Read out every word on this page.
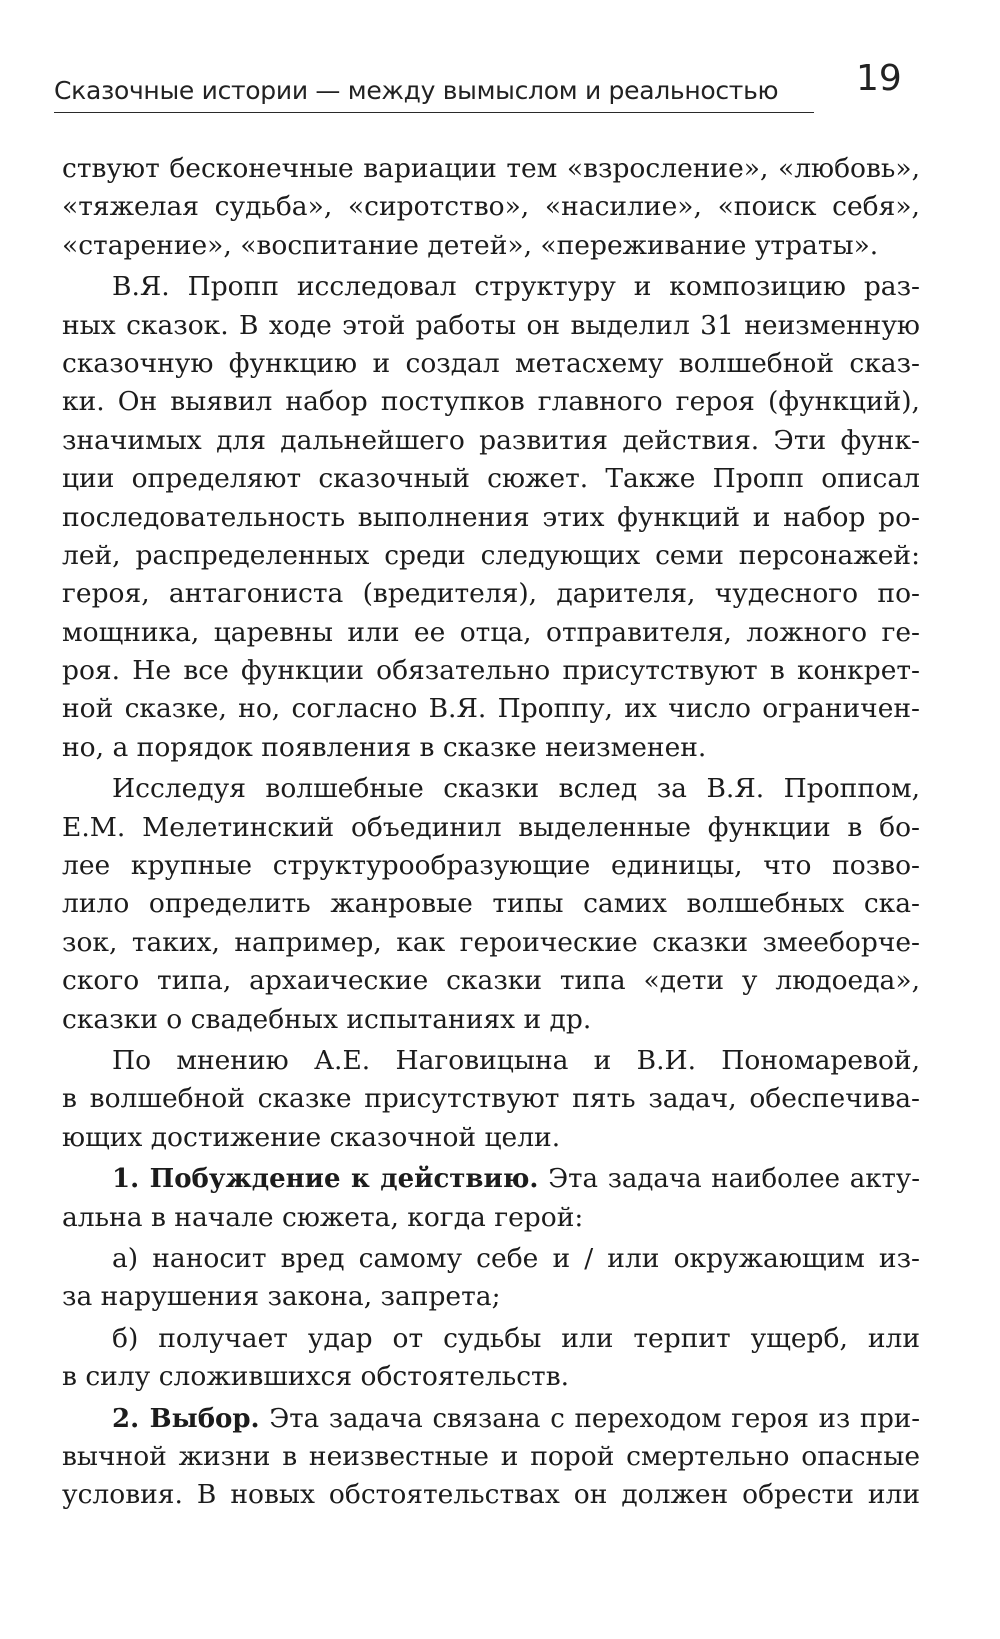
Сказочные истории — между вымыслом и реальностью 19
ствуют бесконечные вариации тем «взросление», «любовь»,
«тяжелая судьба», «сиротство», «насилие», «поиск себя»,
«старение», «воспитание детей», «переживание утраты».
В.Я. Пропп исследовал структуру и композицию раз-
ных сказок. В ходе этой работы он выделил 31 неизменную
сказочную функцию и создал метасхему волшебной сказ-
ки. Он выявил набор поступков главного героя (функций),
значимых для дальнейшего развития действия. Эти функ-
ции определяют сказочный сюжет. Также Пропп описал
последовательность выполнения этих функций и набор ро-
лей, распределенных среди следующих семи персонажей:
героя, антагониста (вредителя), дарителя, чудесного по-
мощника, царевны или ее отца, отправителя, ложного ге-
роя. Не все функции обязательно присутствуют в конкрет-
ной сказке, но, согласно В.Я. Проппу, их число ограничен-
но, а порядок появления в сказке неизменен.
Исследуя волшебные сказки вслед за В.Я. Проппом,
Е.М. Мелетинский объединил выделенные функции в бо-
лее крупные структурообразующие единицы, что позво-
лило определить жанровые типы самих волшебных ска-
зок, таких, например, как героические сказки змееборче-
ского типа, архаические сказки типа «дети у людоеда»,
сказки о свадебных испытаниях и др.
По мнению А.Е. Наговицына и В.И. Пономаревой,
в волшебной сказке присутствуют пять задач, обеспечива-
ющих достижение сказочной цели.
1. Побуждение к действию. Эта задача наиболее акту-
альна в начале сюжета, когда герой:
а) наносит вред самому себе и / или окружающим из-
за нарушения закона, запрета;
б) получает удар от судьбы или терпит ущерб, или
в силу сложившихся обстоятельств.
2. Выбор. Эта задача связана с переходом героя из при-
вычной жизни в неизвестные и порой смертельно опасные
условия. В новых обстоятельствах он должен обрести или
